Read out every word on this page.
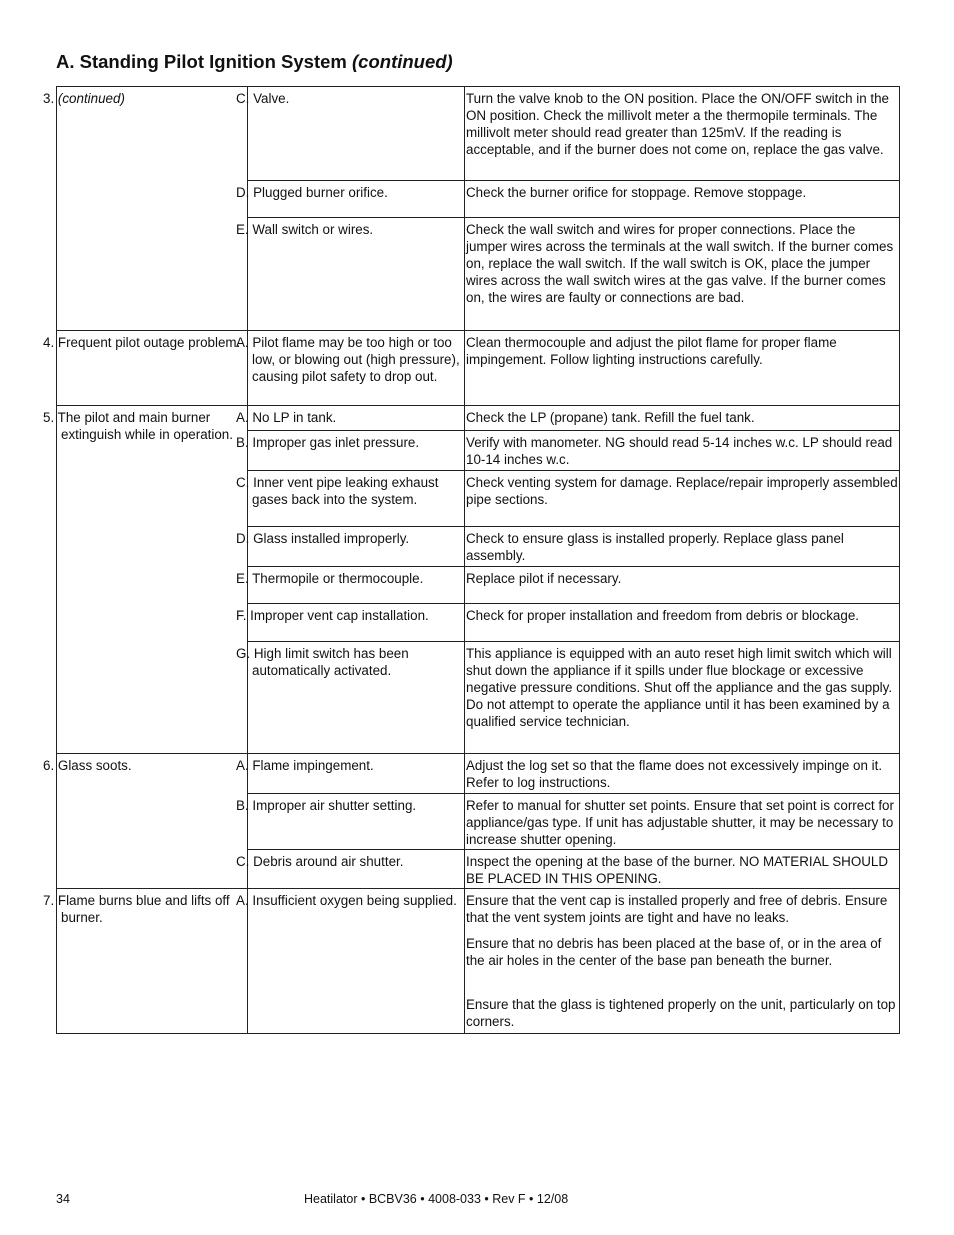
A. Standing Pilot Ignition System (continued)
3. (continued)	C. Valve.	Turn the valve knob to the ON position. Place the ON/OFF switch in the ON position. Check the millivolt meter a the thermopile terminals. The millivolt meter should read greater than 125mV. If the reading is acceptable, and if the burner does not come on, replace the gas valve.
	D. Plugged burner orifice.	Check the burner orifice for stoppage. Remove stoppage.
	E. Wall switch or wires.	Check the wall switch and wires for proper connections. Place the jumper wires across the terminals at the wall switch. If the burner comes on, replace the wall switch. If the wall switch is OK, place the jumper wires across the wall switch wires at the gas valve. If the burner comes on, the wires are faulty or connections are bad.
4. Frequent pilot outage problem.	A. Pilot flame may be too high or too low, or blowing out (high pressure), causing pilot safety to drop out.	Clean thermocouple and adjust the pilot flame for proper flame impingement. Follow lighting instructions carefully.
5. The pilot and main burner extinguish while in operation.	A. No LP in tank.	Check the LP (propane) tank. Refill the fuel tank.
	B. Improper gas inlet pressure.	Verify with manometer. NG should read 5-14 inches w.c. LP should read 10-14 inches w.c.
	C. Inner vent pipe leaking exhaust gases back into the system.	Check venting system for damage. Replace/repair improperly assembled pipe sections.
	D. Glass installed improperly.	Check to ensure glass is installed properly. Replace glass panel assembly.
	E. Thermopile or thermocouple.	Replace pilot if necessary.
	F. Improper vent cap installation.	Check for proper installation and freedom from debris or blockage.
	G. High limit switch has been automatically activated.	This appliance is equipped with an auto reset high limit switch which will shut down the appliance if it spills under flue blockage or excessive negative pressure conditions. Shut off the appliance and the gas supply. Do not attempt to operate the appliance until it has been examined by a qualified service technician.
6. Glass soots.	A. Flame impingement.	Adjust the log set so that the flame does not excessively impinge on it. Refer to log instructions.
	B. Improper air shutter setting.	Refer to manual for shutter set points. Ensure that set point is correct for appliance/gas type. If unit has adjustable shutter, it may be necessary to increase shutter opening.
	C. Debris around air shutter.	Inspect the opening at the base of the burner. NO MATERIAL SHOULD BE PLACED IN THIS OPENING.
7. Flame burns blue and lifts off burner.	A. Insufficient oxygen being supplied.	Ensure that the vent cap is installed properly and free of debris. Ensure that the vent system joints are tight and have no leaks.

Ensure that no debris has been placed at the base of, or in the area of the air holes in the center of the base pan beneath the burner.

Ensure that the glass is tightened properly on the unit, particularly on top corners.

34	Heatilator • BCBV36 • 4008-033 • Rev F • 12/08
